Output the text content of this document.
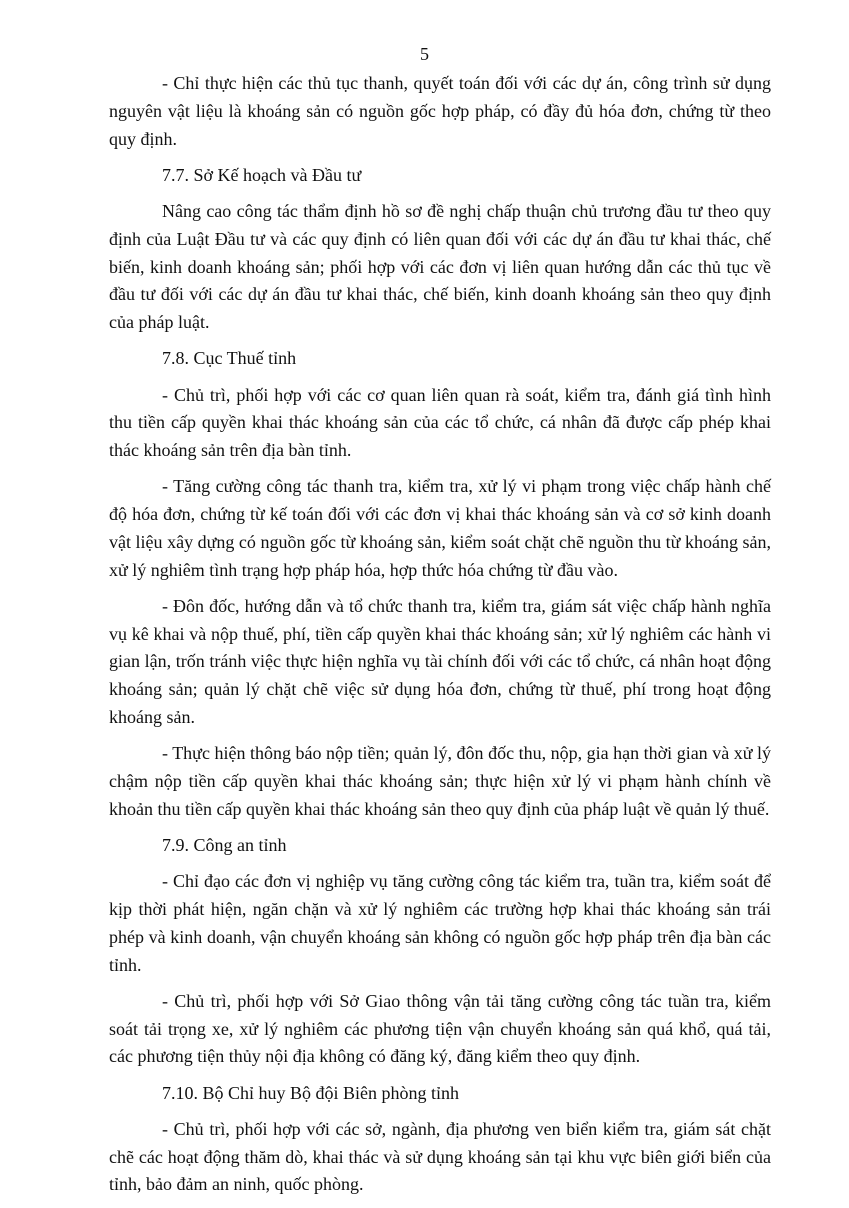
5

- Chỉ thực hiện các thủ tục thanh, quyết toán đối với các dự án, công trình sử dụng nguyên vật liệu là khoáng sản có nguồn gốc hợp pháp, có đầy đủ hóa đơn, chứng từ theo quy định.

7.7. Sở Kế hoạch và Đầu tư

Nâng cao công tác thẩm định hồ sơ đề nghị chấp thuận chủ trương đầu tư theo quy định của Luật Đầu tư và các quy định có liên quan đối với các dự án đầu tư khai thác, chế biến, kinh doanh khoáng sản; phối hợp với các đơn vị liên quan hướng dẫn các thủ tục về đầu tư đối với các dự án đầu tư khai thác, chế biến, kinh doanh khoáng sản theo quy định của pháp luật.

7.8. Cục Thuế tỉnh

- Chủ trì, phối hợp với các cơ quan liên quan rà soát, kiểm tra, đánh giá tình hình thu tiền cấp quyền khai thác khoáng sản của các tổ chức, cá nhân đã được cấp phép khai thác khoáng sản trên địa bàn tỉnh.

- Tăng cường công tác thanh tra, kiểm tra, xử lý vi phạm trong việc chấp hành chế độ hóa đơn, chứng từ kế toán đối với các đơn vị khai thác khoáng sản và cơ sở kinh doanh vật liệu xây dựng có nguồn gốc từ khoáng sản, kiểm soát chặt chẽ nguồn thu từ khoáng sản, xử lý nghiêm tình trạng hợp pháp hóa, hợp thức hóa chứng từ đầu vào.

- Đôn đốc, hướng dẫn và tổ chức thanh tra, kiểm tra, giám sát việc chấp hành nghĩa vụ kê khai và nộp thuế, phí, tiền cấp quyền khai thác khoáng sản; xử lý nghiêm các hành vi gian lận, trốn tránh việc thực hiện nghĩa vụ tài chính đối với các tổ chức, cá nhân hoạt động khoáng sản; quản lý chặt chẽ việc sử dụng hóa đơn, chứng từ thuế, phí trong hoạt động khoáng sản.

- Thực hiện thông báo nộp tiền; quản lý, đôn đốc thu, nộp, gia hạn thời gian và xử lý chậm nộp tiền cấp quyền khai thác khoáng sản; thực hiện xử lý vi phạm hành chính về khoản thu tiền cấp quyền khai thác khoáng sản theo quy định của pháp luật về quản lý thuế.

7.9. Công an tỉnh

- Chỉ đạo các đơn vị nghiệp vụ tăng cường công tác kiểm tra, tuần tra, kiểm soát để kịp thời phát hiện, ngăn chặn và xử lý nghiêm các trường hợp khai thác khoáng sản trái phép và kinh doanh, vận chuyển khoáng sản không có nguồn gốc hợp pháp trên địa bàn các tỉnh.

- Chủ trì, phối hợp với Sở Giao thông vận tải tăng cường công tác tuần tra, kiểm soát tải trọng xe, xử lý nghiêm các phương tiện vận chuyển khoáng sản quá khổ, quá tải, các phương tiện thủy nội địa không có đăng ký, đăng kiểm theo quy định.

7.10. Bộ Chỉ huy Bộ đội Biên phòng tỉnh

- Chủ trì, phối hợp với các sở, ngành, địa phương ven biển kiểm tra, giám sát chặt chẽ các hoạt động thăm dò, khai thác và sử dụng khoáng sản tại khu vực biên giới biển của tỉnh, bảo đảm an ninh, quốc phòng.
